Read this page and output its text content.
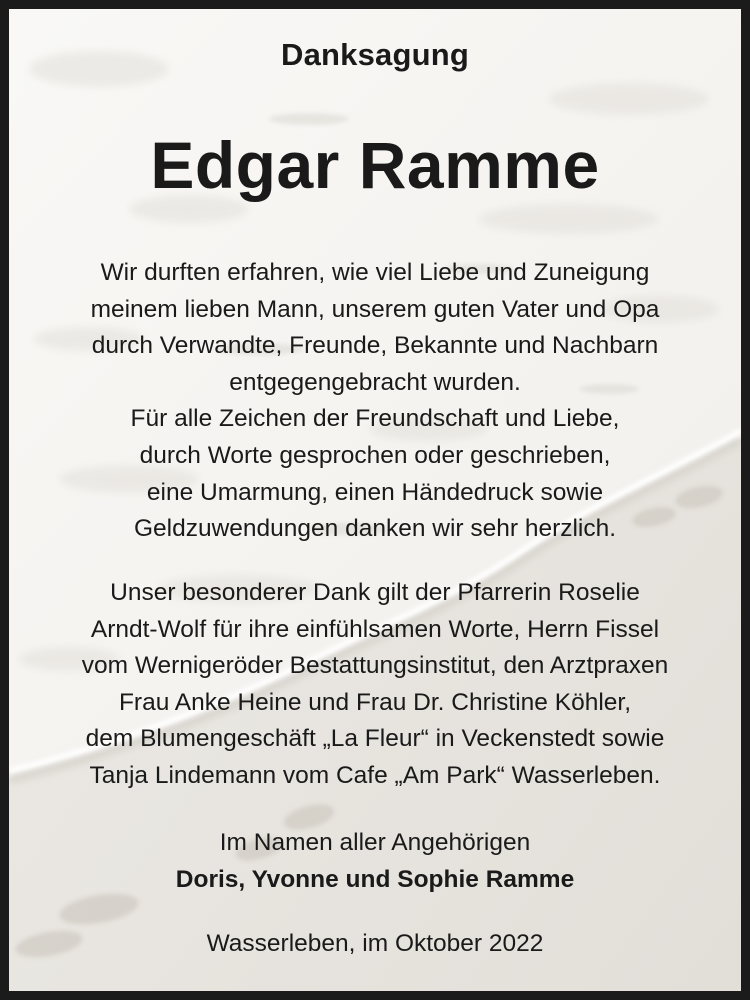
Danksagung
Edgar Ramme
Wir durften erfahren, wie viel Liebe und Zuneigung
meinem lieben Mann, unserem guten Vater und Opa
durch Verwandte, Freunde, Bekannte und Nachbarn
entgegengebracht wurden.
Für alle Zeichen der Freundschaft und Liebe,
durch Worte gesprochen oder geschrieben,
eine Umarmung, einen Händedruck sowie
Geldzuwendungen danken wir sehr herzlich.
Unser besonderer Dank gilt der Pfarrerin Roselie
Arndt-Wolf für ihre einfühlsamen Worte, Herrn Fissel
vom Wernigeröder Bestattungsinstitut, den Arztpraxen
Frau Anke Heine und Frau Dr. Christine Köhler,
dem Blumengeschäft „La Fleur“ in Veckenstedt sowie
Tanja Lindemann vom Cafe „Am Park“ Wasserleben.
Im Namen aller Angehörigen
Doris, Yvonne und Sophie Ramme
Wasserleben, im Oktober 2022
